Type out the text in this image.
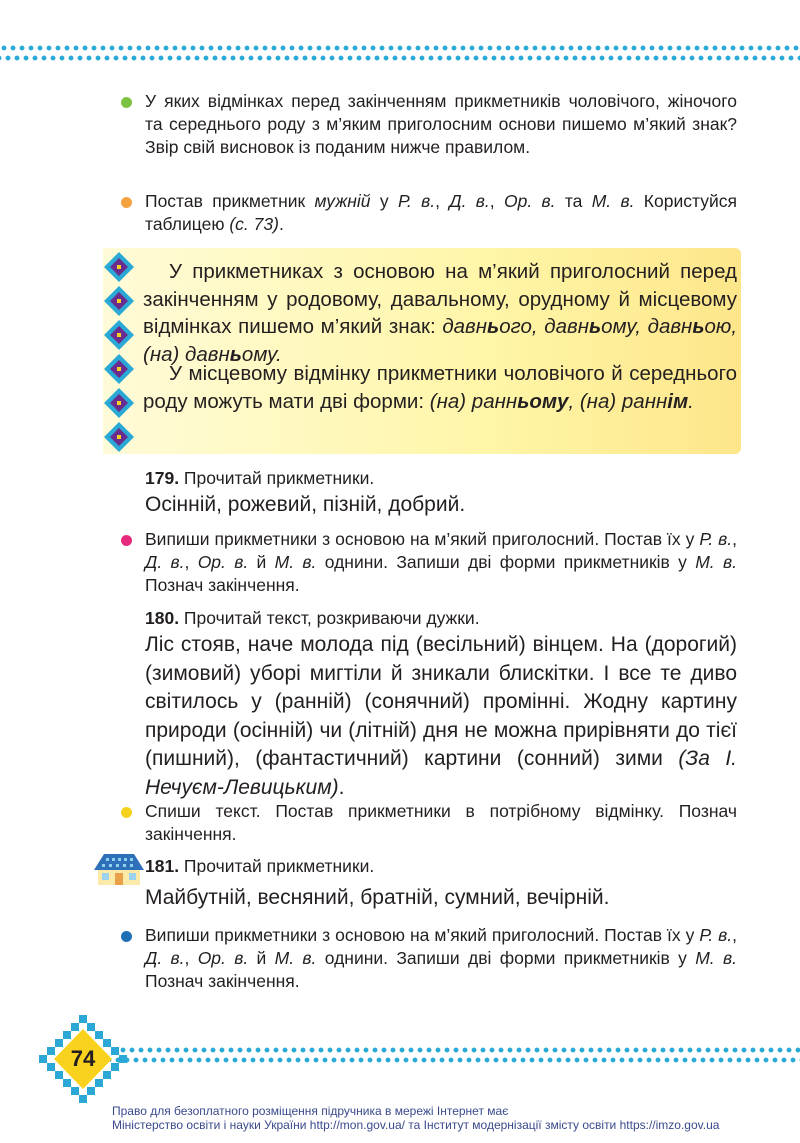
У яких відмінках перед закінченням прикметників чоловічого, жіночого та середнього роду з м’яким приголосним основи пишемо м’який знак? Звір свій висновок із поданим нижче правилом.
Постав прикметник мужній у Р. в., Д. в., Ор. в. та М. в. Користуйся таблицею (с. 73).
У прикметниках з основою на м’який приголосний перед закінченням у родовому, давальному, орудному й місцевому відмінках пишемо м’який знак: давнього, давньому, давньою, (на) давньому.
У місцевому відмінку прикметники чоловічого й середнього роду можуть мати дві форми: (на) ранньому, (на) раннім.
179. Прочитай прикметники.
Осінній, рожевий, пізній, добрий.
Випиши прикметники з основою на м’який приголосний. Постав їх у Р. в., Д. в., Ор. в. й М. в. однини. Запиши дві форми прикметників у М. в. Познач закінчення.
180. Прочитай текст, розкриваючи дужки.
Ліс стояв, наче молода під (весільний) вінцем. На (дорогий) (зимовий) уборі мигтіли й зникали блискітки. І все те диво світилось у (ранній) (сонячний) промінні. Жодну картину природи (осінній) чи (літній) дня не можна прирівняти до тієї (пишний), (фантастичний) картини (сонний) зими (За І. Нечуєм-Левицьким).
Спиши текст. Постав прикметники в потрібному відмінку. Познач закінчення.
181. Прочитай прикметники.
Майбутній, весняний, братній, сумний, вечірній.
Випиши прикметники з основою на м’який приголосний. Постав їх у Р. в., Д. в., Ор. в. й М. в. однини. Запиши дві форми прикметників у М. в. Познач закінчення.
74
Право для безоплатного розміщення підручника в мережі Інтернет має
Міністерство освіти і науки України http://mon.gov.ua/ та Інститут модернізації змісту освіти https://imzo.gov.ua
